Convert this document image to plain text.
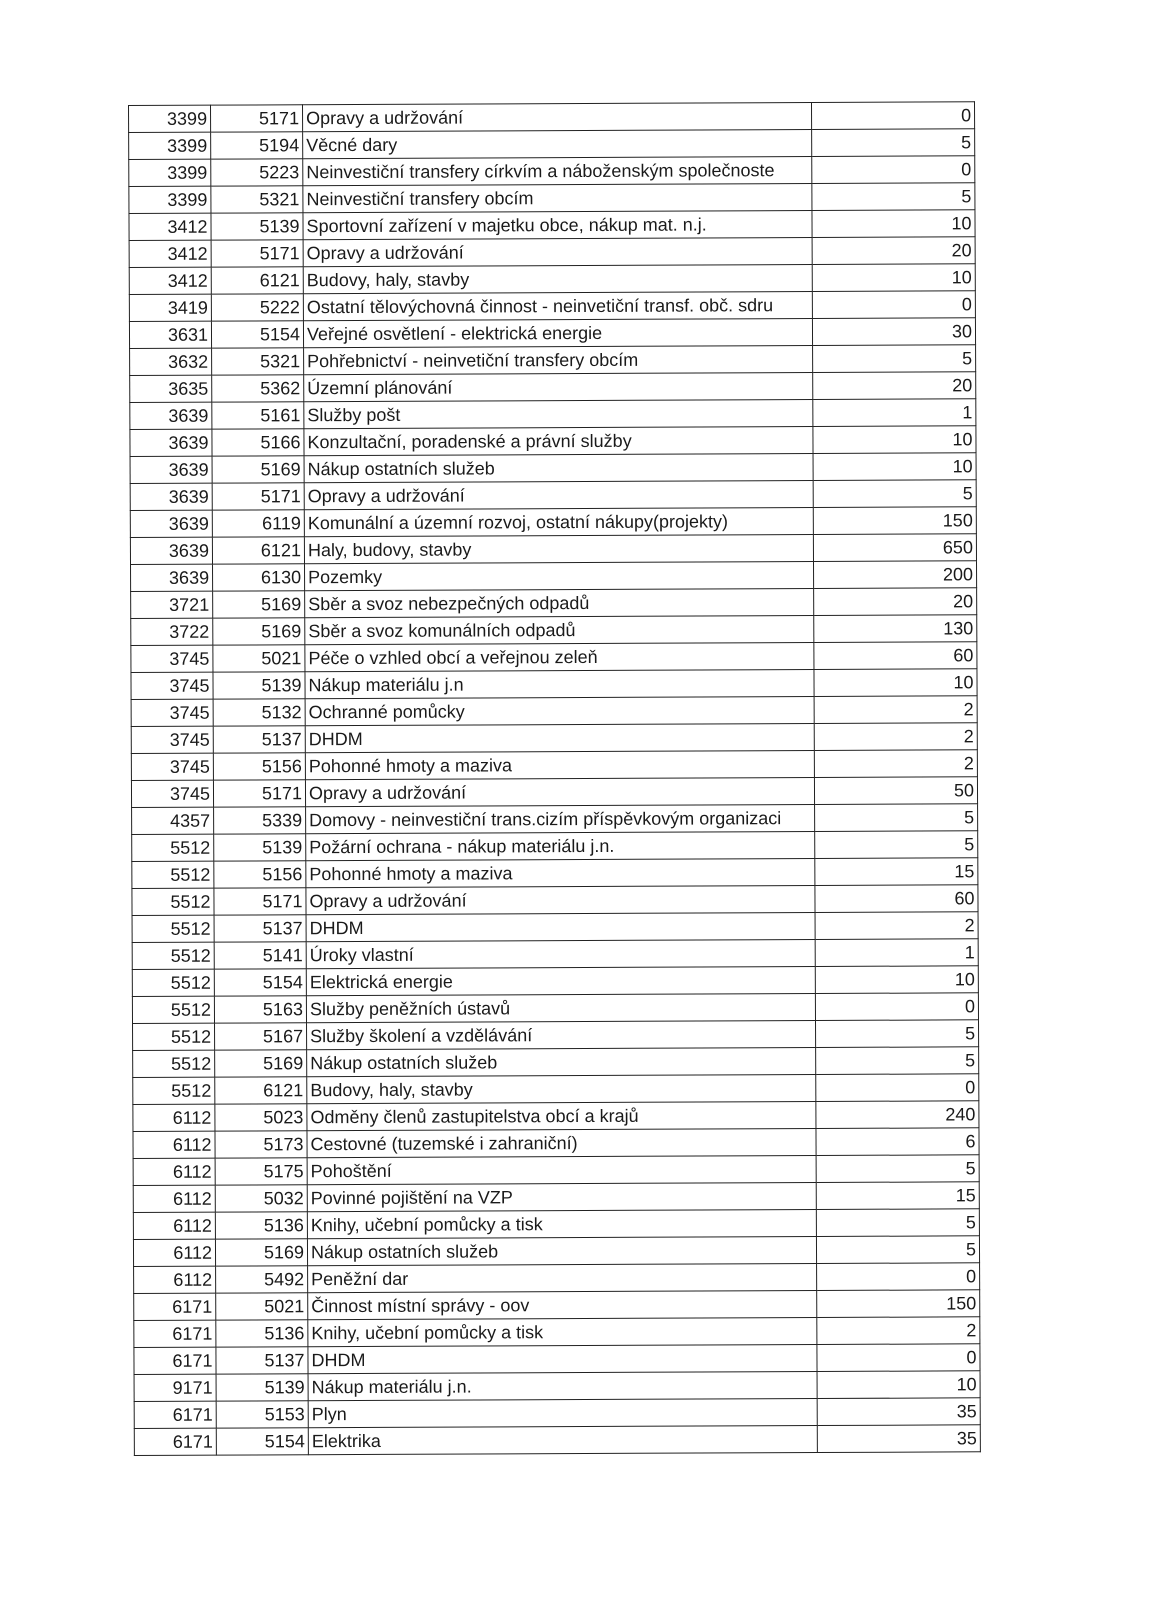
3399	5171	Opravy a udržování	0
3399	5194	Věcné dary	5
3399	5223	Neinvestiční transfery církvím a náboženským společnoste	0
3399	5321	Neinvestiční transfery obcím	5
3412	5139	Sportovní zařízení v majetku obce, nákup mat. n.j.	10
3412	5171	Opravy a udržování	20
3412	6121	Budovy, haly, stavby	10
3419	5222	Ostatní tělovýchovná činnost - neinvetiční transf. obč. sdru	0
3631	5154	Veřejné osvětlení - elektrická energie	30
3632	5321	Pohřebnictví - neinvetiční transfery obcím	5
3635	5362	Územní plánování	20
3639	5161	Služby pošt	1
3639	5166	Konzultační, poradenské a právní služby	10
3639	5169	Nákup ostatních služeb	10
3639	5171	Opravy a udržování	5
3639	6119	Komunální a územní rozvoj, ostatní nákupy(projekty)	150
3639	6121	Haly, budovy, stavby	650
3639	6130	Pozemky	200
3721	5169	Sběr a svoz nebezpečných odpadů	20
3722	5169	Sběr a svoz komunálních odpadů	130
3745	5021	Péče o vzhled obcí a veřejnou zeleň	60
3745	5139	Nákup materiálu j.n	10
3745	5132	Ochranné pomůcky	2
3745	5137	DHDM	2
3745	5156	Pohonné hmoty a maziva	2
3745	5171	Opravy a udržování	50
4357	5339	Domovy - neinvestiční trans.cizím příspěvkovým organizaci	5
5512	5139	Požární ochrana - nákup materiálu j.n.	5
5512	5156	Pohonné hmoty a maziva	15
5512	5171	Opravy a udržování	60
5512	5137	DHDM	2
5512	5141	Úroky vlastní	1
5512	5154	Elektrická energie	10
5512	5163	Služby peněžních ústavů	0
5512	5167	Služby školení a vzdělávání	5
5512	5169	Nákup ostatních služeb	5
5512	6121	Budovy, haly, stavby	0
6112	5023	Odměny členů zastupitelstva obcí a krajů	240
6112	5173	Cestovné (tuzemské i zahraniční)	6
6112	5175	Pohoštění	5
6112	5032	Povinné pojištění na VZP	15
6112	5136	Knihy, učební pomůcky a tisk	5
6112	5169	Nákup ostatních služeb	5
6112	5492	Peněžní dar	0
6171	5021	Činnost místní správy - oov	150
6171	5136	Knihy, učební pomůcky a tisk	2
6171	5137	DHDM	0
9171	5139	Nákup materiálu j.n.	10
6171	5153	Plyn	35
6171	5154	Elektrika	35
